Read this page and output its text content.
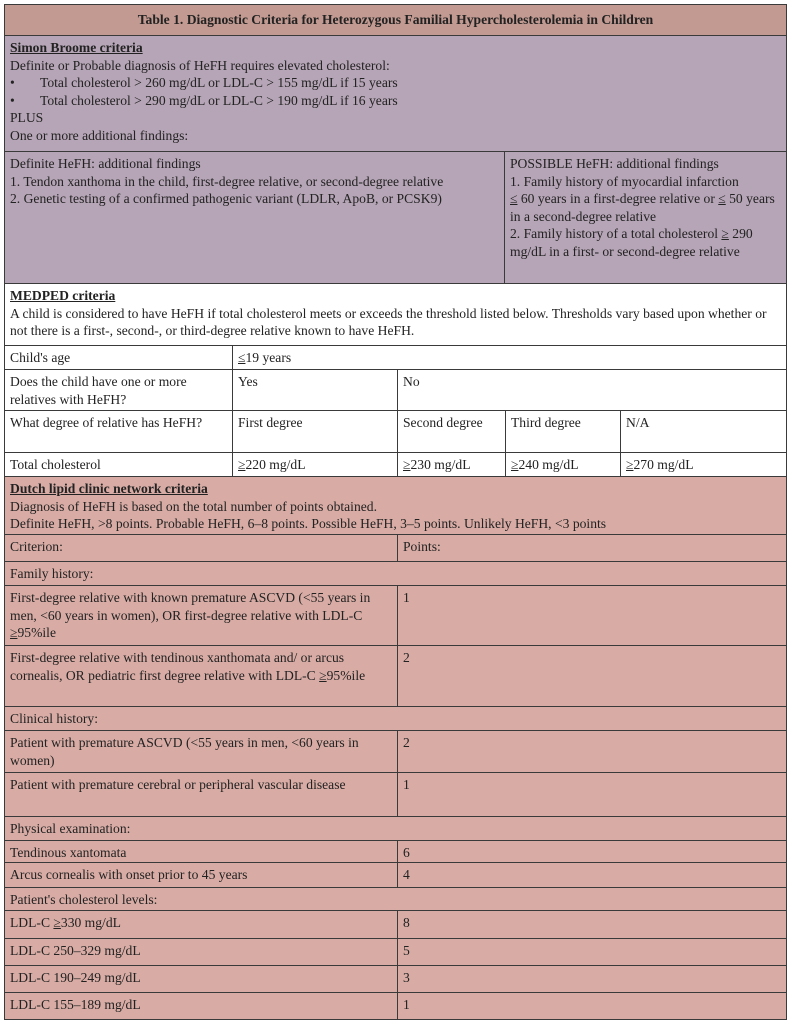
Table 1. Diagnostic Criteria for Heterozygous Familial Hypercholesterolemia in Children
Simon Broome criteria
Definite or Probable diagnosis of HeFH requires elevated cholesterol:
•	Total cholesterol > 260 mg/dL or LDL-C > 155 mg/dL if 15 years
•	Total cholesterol > 290 mg/dL or LDL-C > 190 mg/dL if 16 years
PLUS
One or more additional findings:
Definite HeFH: additional findings
1. Tendon xanthoma in the child, first-degree relative, or second-degree relative
2. Genetic testing of a confirmed pathogenic variant (LDLR, ApoB, or PCSK9)
POSSIBLE HeFH: additional findings
1. Family history of myocardial infarction
≤ 60 years in a first-degree relative or ≤ 50 years in a second-degree relative
2. Family history of a total cholesterol ≥ 290 mg/dL in a first- or second-degree relative
MEDPED criteria
A child is considered to have HeFH if total cholesterol meets or exceeds the threshold listed below. Thresholds vary based upon whether or not there is a first-, second-, or third-degree relative known to have HeFH.
Child's age	≤19 years
Does the child have one or more relatives with HeFH?
Yes	No
What degree of relative has HeFH?	First degree	Second degree	Third degree	N/A
Total cholesterol	≥220 mg/dL	≥230 mg/dL	≥240 mg/dL	≥270 mg/dL
Dutch lipid clinic network criteria
Diagnosis of HeFH is based on the total number of points obtained.
Definite HeFH, >8 points. Probable HeFH, 6–8 points. Possible HeFH, 3–5 points. Unlikely HeFH, <3 points
Criterion:	Points:
Family history:
First-degree relative with known premature ASCVD (<55 years in men, <60 years in women), OR first-degree relative with LDL-C ≥95%ile
1
First-degree relative with tendinous xanthomata and/ or arcus cornealis, OR pediatric first degree relative with LDL-C ≥95%ile
2
Clinical history:
Patient with premature ASCVD (<55 years in men, <60 years in women)
2
Patient with premature cerebral or peripheral vascular disease	1
Physical examination:
Tendinous xantomata	6
Arcus cornealis with onset prior to 45 years	4
Patient's cholesterol levels:
LDL-C ≥330 mg/dL	8
LDL-C 250–329 mg/dL	5
LDL-C 190–249 mg/dL	3
LDL-C 155–189 mg/dL	1
